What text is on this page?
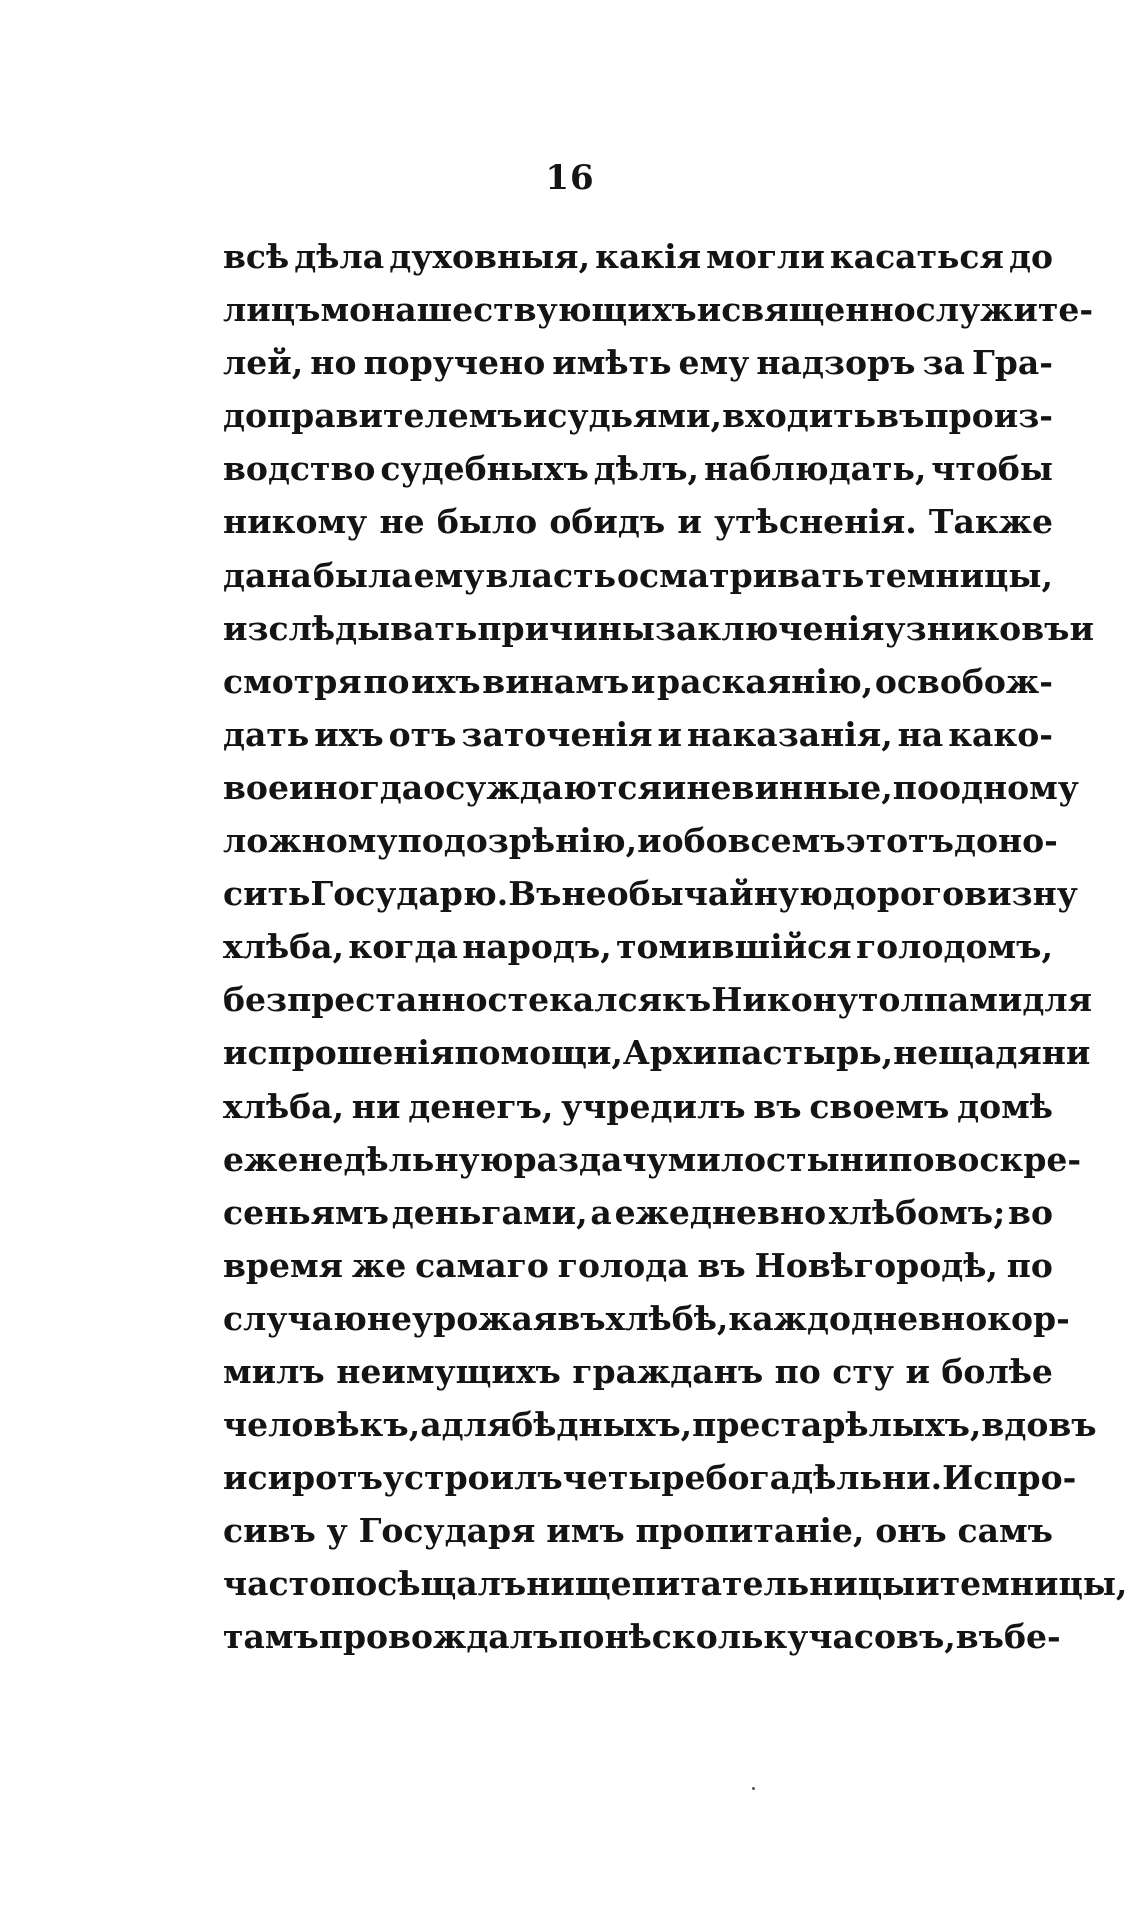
16
всѣ дѣла духовныя, какія могли касаться до
лицъ монашествующихъ и священнослужите-
лей, но поручено имѣть ему надзоръ за Гра-
доправителемъ и судьями, входить въ произ-
водство судебныхъ дѣлъ, наблюдать, чтобы
никому не было обидъ и утѣсненія. Также
дана была ему власть осматривать темницы,
изслѣдывать причины заключенія узниковъ и
смотря по ихъ винамъ и раскаянію, освобож-
дать ихъ отъ заточенія и наказанія, на како-
вое иногда осуждаются и невинные, по одному
ложному подозрѣнію, и обо всемъ этотъ доно-
сить Государю. Въ необычайную дороговизну
хлѣба, когда народъ, томившійся голодомъ,
безпрестанно стекался къ Никону толпами для
испрошенія помощи, Архипастырь, не щадя ни
хлѣба, ни денегъ, учредилъ въ своемъ домѣ
еженедѣльную раздачу милостыни по воскре-
сеньямъ деньгами, а ежедневно хлѣбомъ; во
время же самаго голода въ Новѣгородѣ, по
случаю неурожая въ хлѣбѣ, каждодневно кор-
милъ неимущихъ гражданъ по сту и болѣе
человѣкъ, а для бѣдныхъ, престарѣлыхъ, вдовъ
и сиротъ устроилъ четыре богадѣльни. Испро-
сивъ у Государя имъ пропитаніе, онъ самъ
часто посѣщалъ нищепитательницы и темницы,
тамъ провождалъ по нѣскольку часовъ, въ бе-
